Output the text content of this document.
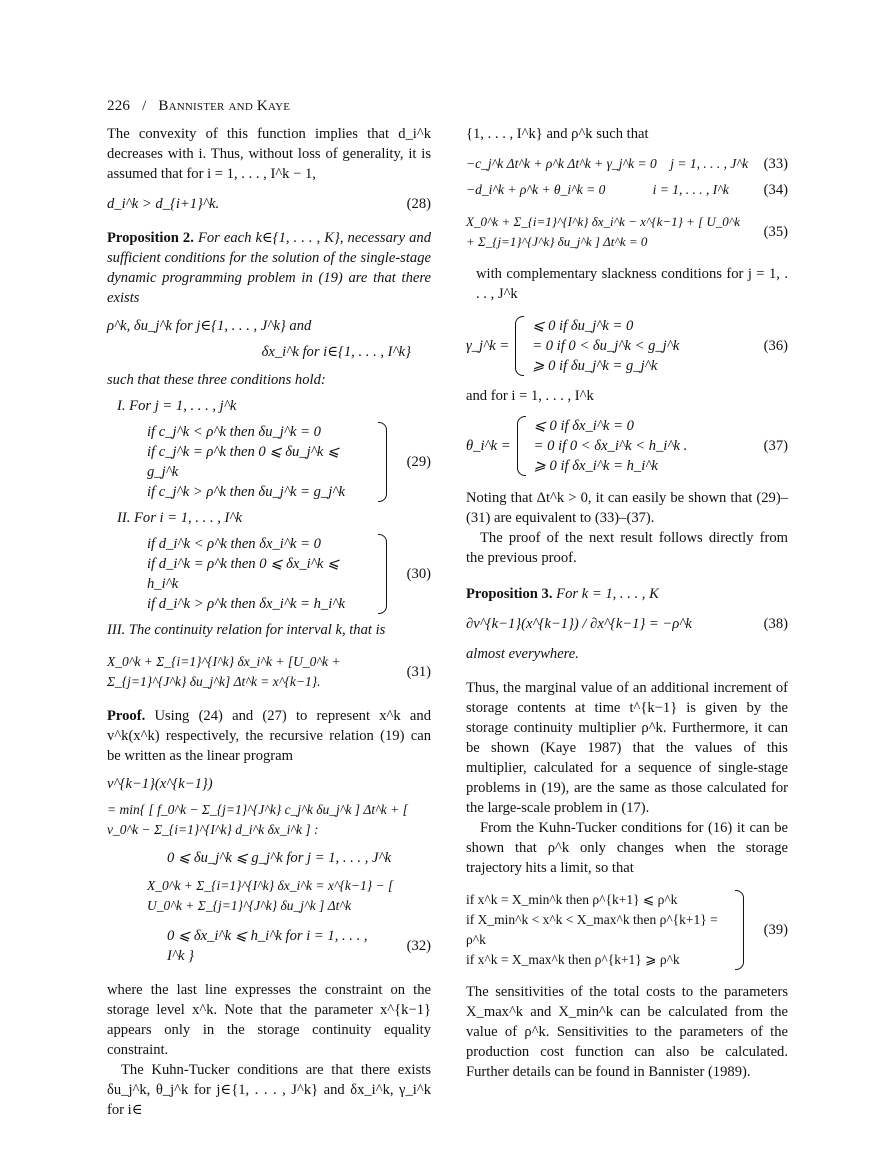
226 / Bannister and Kaye

The convexity of this function implies that d_i^k decreases with i. Thus, without loss of generality, it is assumed that for i = 1, . . . , I^k − 1,

d_i^k > d_{i+1}^k.	(28)

Proposition 2. For each k∈{1, . . . , K}, necessary and sufficient conditions for the solution of the single-stage dynamic programming problem in (19) are that there exists

ρ^k, δu_j^k for j∈{1, . . . , J^k} and

δx_i^k for i∈{1, . . . , I^k}

such that these three conditions hold:

I. For j = 1, . . . , j^k

if c_j^k < ρ^k then δu_j^k = 0
if c_j^k = ρ^k then 0 ⩽ δu_j^k ⩽ g_j^k
if c_j^k > ρ^k then δu_j^k = g_j^k
(29)

II. For i = 1, . . . , I^k

if d_i^k < ρ^k then δx_i^k = 0
if d_i^k = ρ^k then 0 ⩽ δx_i^k ⩽ h_i^k
if d_i^k > ρ^k then δx_i^k = h_i^k
(30)

III. The continuity relation for interval k, that is

X_0^k + Σ_{i=1}^{I^k} δx_i^k + [U_0^k + Σ_{j=1}^{J^k} δu_j^k] Δt^k = x^{k−1}.
(31)

Proof. Using (24) and (27) to represent x^k and v^k(x^k) respectively, the recursive relation (19) can be written as the linear program

v^{k−1}(x^{k−1})

= min{ [ f_0^k − Σ_{j=1}^{J^k} c_j^k δu_j^k ] Δt^k + [ v_0^k − Σ_{i=1}^{I^k} d_i^k δx_i^k ] :

0 ⩽ δu_j^k ⩽ g_j^k for j = 1, . . . , J^k

X_0^k + Σ_{i=1}^{I^k} δx_i^k = x^{k−1} − [ U_0^k + Σ_{j=1}^{J^k} δu_j^k ] Δt^k

0 ⩽ δx_i^k ⩽ h_i^k for i = 1, . . . , I^k }
(32)

where the last line expresses the constraint on the storage level x^k. Note that the parameter x^{k−1} appears only in the storage continuity equality constraint.

The Kuhn-Tucker conditions are that there exists δu_j^k, θ_j^k for j∈{1, . . . , J^k} and δx_i^k, γ_i^k for i∈

{1, . . . , I^k} and ρ^k such that

−c_j^k Δt^k + ρ^k Δt^k + γ_j^k = 0    j = 1, . . . , J^k	(33)
−d_i^k + ρ^k + θ_i^k = 0              i = 1, . . . , I^k	(34)
X_0^k + Σ_{i=1}^{I^k} δx_i^k − x^{k−1} + [ U_0^k + Σ_{j=1}^{J^k} δu_j^k ] Δt^k = 0
(35)

with complementary slackness conditions for j = 1, . . . , J^k

γ_j^k =
⩽ 0 if δu_j^k = 0
= 0 if 0 < δu_j^k < g_j^k
⩾ 0 if δu_j^k = g_j^k
(36)

and for i = 1, . . . , I^k

θ_i^k =
⩽ 0 if δx_i^k = 0
= 0 if 0 < δx_i^k < h_i^k .
⩾ 0 if δx_i^k = h_i^k
(37)

Noting that Δt^k > 0, it can easily be shown that (29)–(31) are equivalent to (33)–(37).

The proof of the next result follows directly from the previous proof.

Proposition 3. For k = 1, . . . , K

∂v^{k−1}(x^{k−1}) / ∂x^{k−1} = −ρ^k	(38)

almost everywhere.

Thus, the marginal value of an additional increment of storage contents at time t^{k−1} is given by the storage continuity multiplier ρ^k. Furthermore, it can be shown (Kaye 1987) that the values of this multiplier, calculated for a sequence of single-stage problems in (19), are the same as those calculated for the large-scale problem in (17).

From the Kuhn-Tucker conditions for (16) it can be shown that ρ^k only changes when the storage trajectory hits a limit, so that

if x^k = X_min^k then ρ^{k+1} ⩽ ρ^k
if X_min^k < x^k < X_max^k then ρ^{k+1} = ρ^k
if x^k = X_max^k then ρ^{k+1} ⩾ ρ^k
(39)

The sensitivities of the total costs to the parameters X_max^k and X_min^k can be calculated from the value of ρ^k. Sensitivities to the parameters of the production cost function can also be calculated. Further details can be found in Bannister (1989).
